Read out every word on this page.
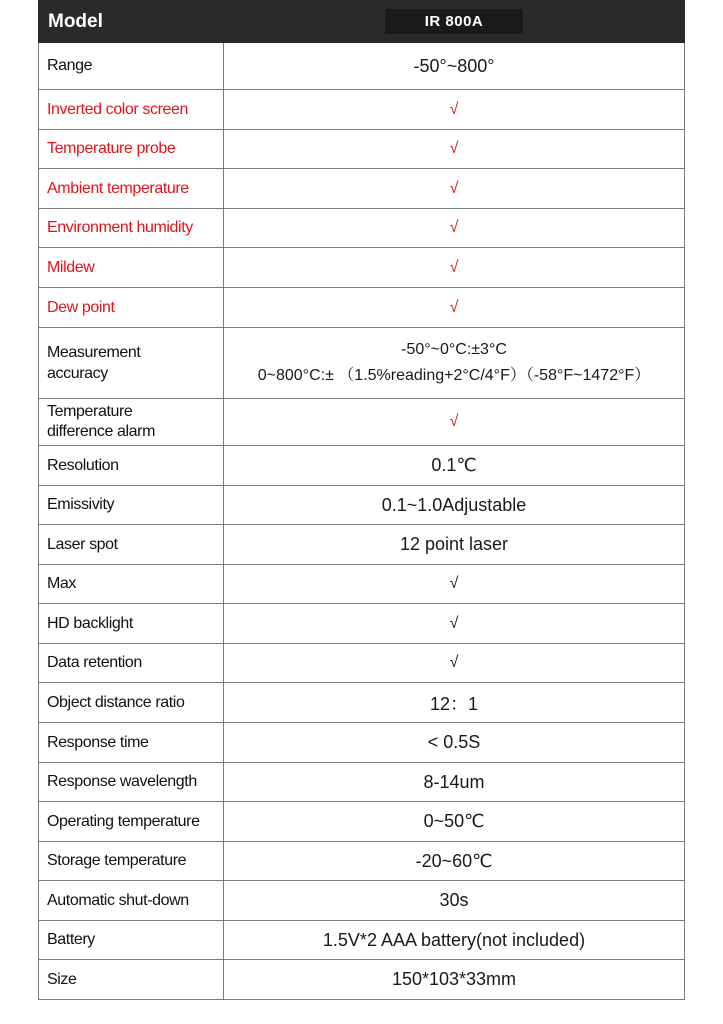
Model	IR 800A
Range	-50°~800°
Inverted color screen	√
Temperature probe	√
Ambient temperature	√
Environment humidity	√
Mildew	√
Dew point	√

Measurement
accuracy	-50°~0°C:±3°C
0~800°C:± （1.5%reading+2°C/4°F）（-58°F~1472°F）

Temperature
difference alarm	√
Resolution	0.1℃
Emissivity	0.1~1.0Adjustable
Laser spot	12 point laser
Max	√
HD backlight	√
Data retention	√
Object distance ratio	12：1
Response time	< 0.5S
Response wavelength	8-14um
Operating temperature	0~50℃
Storage temperature	-20~60℃
Automatic shut-down	30s
Battery	1.5V*2 AAA battery(not included)
Size	150*103*33mm
